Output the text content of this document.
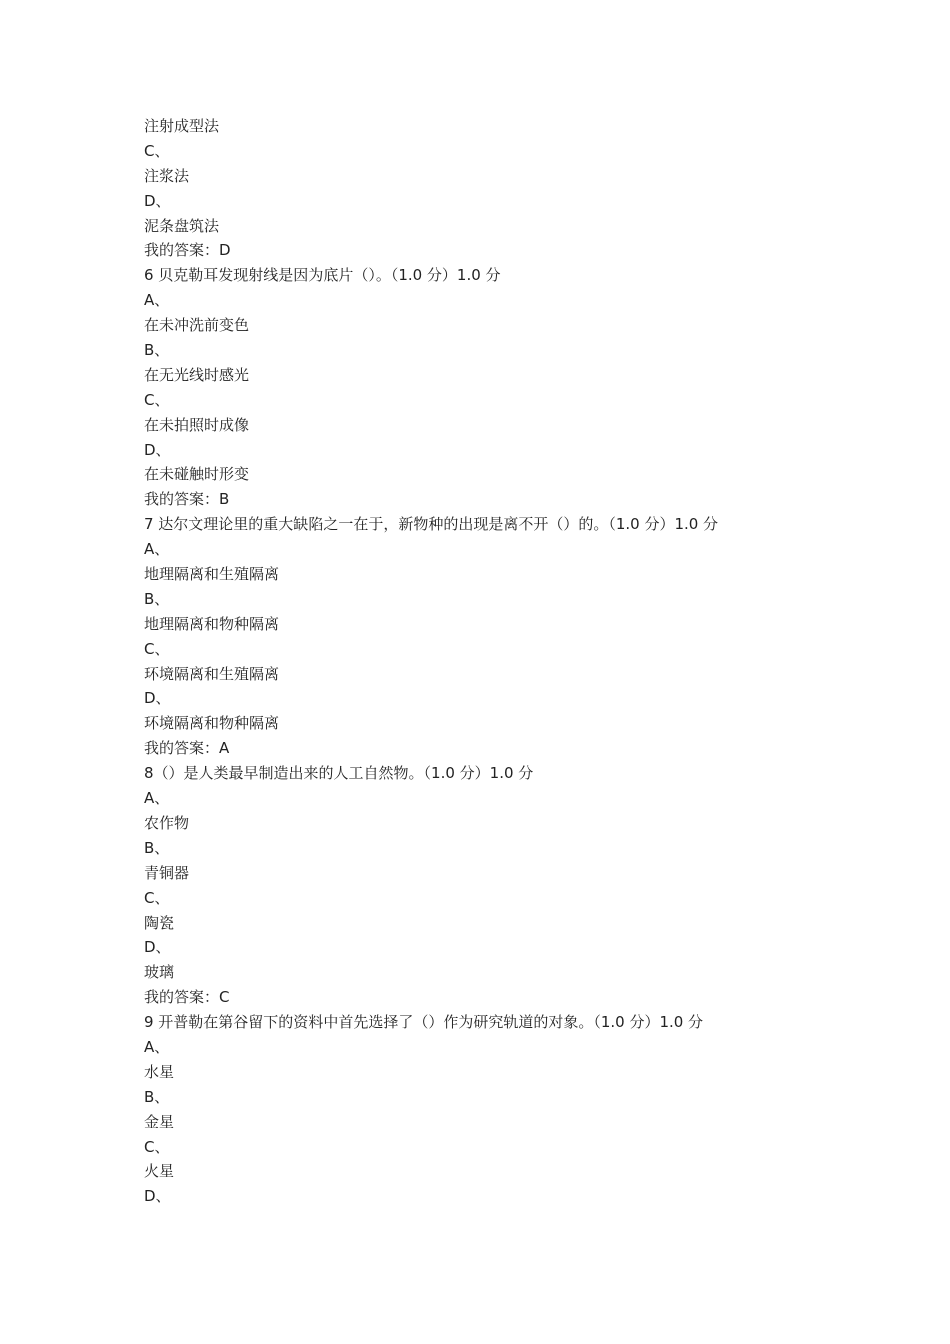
注射成型法
C、
注浆法
D、
泥条盘筑法
我的答案：D
6 贝克勒耳发现射线是因为底片（）。（1.0 分）1.0 分
A、
在未冲洗前变色
B、
在无光线时感光
C、
在未拍照时成像
D、
在未碰触时形变
我的答案：B
7 达尔文理论里的重大缺陷之一在于，新物种的出现是离不开（）的。（1.0 分）1.0 分
A、
地理隔离和生殖隔离
B、
地理隔离和物种隔离
C、
环境隔离和生殖隔离
D、
环境隔离和物种隔离
我的答案：A
8（）是人类最早制造出来的人工自然物。（1.0 分）1.0 分
A、
农作物
B、
青铜器
C、
陶瓷
D、
玻璃
我的答案：C
9 开普勒在第谷留下的资料中首先选择了（）作为研究轨道的对象。（1.0 分）1.0 分
A、
水星
B、
金星
C、
火星
D、
